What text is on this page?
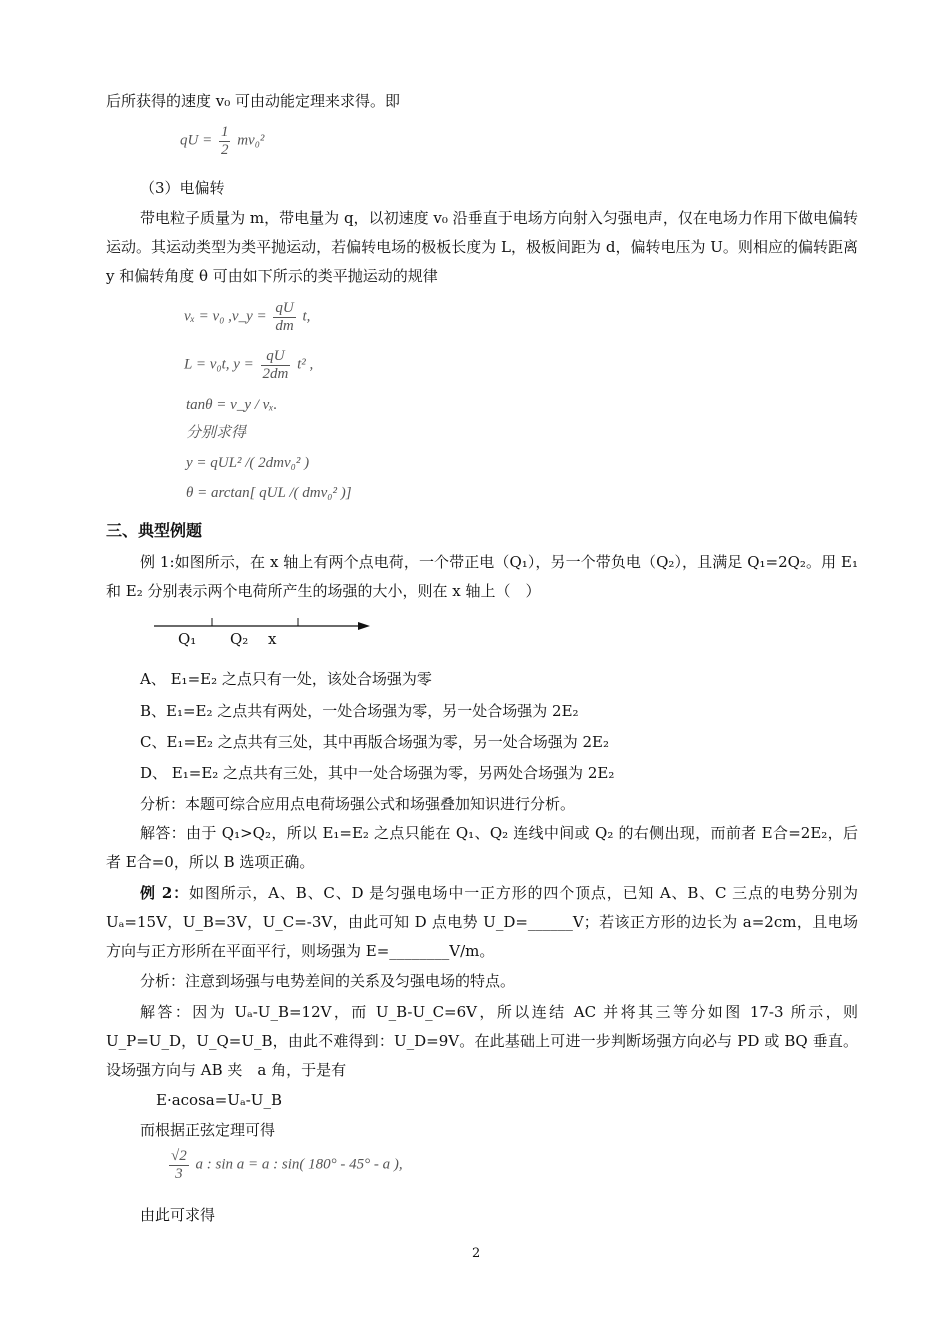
后所获得的速度 v₀ 可由动能定理来求得。即
qU = $\frac{1}{2} mv_0^2$
（3）电偏转
带电粒子质量为 m，带电量为 q，以初速度 v₀ 沿垂直于电场方向射入匀强电声，仅在电场力作用下做电偏转运动。其运动类型为类平抛运动，若偏转电场的极板长度为 L，极板间距为 d，偏转电压为 U。则相应的偏转距离 y 和偏转角度 θ 可由如下所示的类平抛运动的规律
vₓ = v₀ ,v_y = $\frac{qU}{dm} t$,
L = v₀t, $y = \frac{qU}{2dm} t^2$ ,
tanθ = v_y / vₓ.
分别求得
y = qUL² /( 2dmv₀² )
θ = arctan[ qUL /( dmv₀² )]
三、典型例题
例 1:如图所示，在 x 轴上有两个点电荷，一个带正电（Q₁），另一个带负电（Q₂），且满足 Q₁=2Q₂。用 E₁ 和 E₂ 分别表示两个电荷所产生的场强的大小，则在 x 轴上（　）
Q₁ Q₂ x
A、 E₁=E₂ 之点只有一处，该处合场强为零
B、E₁=E₂ 之点共有两处，一处合场强为零，另一处合场强为 2E₂
C、E₁=E₂ 之点共有三处，其中再版合场强为零，另一处合场强为 2E₂
D、 E₁=E₂ 之点共有三处，其中一处合场强为零，另两处合场强为 2E₂
分析：本题可综合应用点电荷场强公式和场强叠加知识进行分析。
解答：由于 Q₁>Q₂，所以 E₁=E₂ 之点只能在 Q₁、Q₂ 连线中间或 Q₂ 的右侧出现，而前者 E合=2E₂，后者 E合=0，所以 B 选项正确。
例 2：如图所示，A、B、C、D 是匀强电场中一正方形的四个顶点，已知 A、B、C 三点的电势分别为 Uₐ=15V，U_B=3V，U_C=-3V，由此可知 D 点电势 U_D=______V；若该正方形的边长为 a=2cm，且电场方向与正方形所在平面平行，则场强为 E=________V/m。
分析：注意到场强与电势差间的关系及匀强电场的特点。
解答：因为 Uₐ-U_B=12V，而 U_B-U_C=6V，所以连结 AC 并将其三等分如图 17-3 所示，则 U_P=U_D，U_Q=U_B，由此不难得到：U_D=9V。在此基础上可进一步判断场强方向必与 PD 或 BQ 垂直。设场强方向与 AB 夹　a 角，于是有
E·acosa=Uₐ-U_B
而根据正弦定理可得
$\frac{√2}{3}$ a : sin a = a : sin( 180° - 45° - a ),
由此可求得
2
